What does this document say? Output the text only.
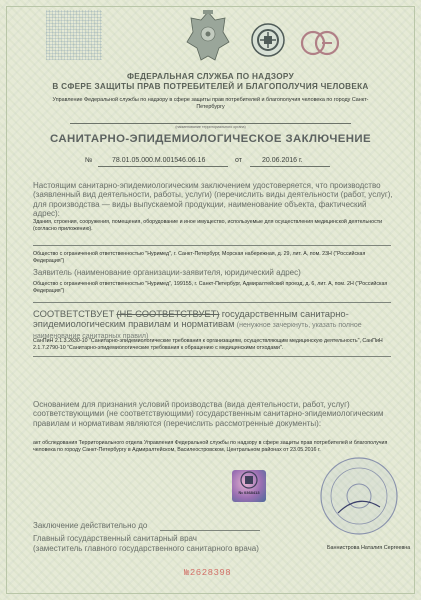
ФЕДЕРАЛЬНАЯ СЛУЖБА ПО НАДЗОРУ
В СФЕРЕ ЗАЩИТЫ ПРАВ ПОТРЕБИТЕЛЕЙ И БЛАГОПОЛУЧИЯ ЧЕЛОВЕКА
Управление Федеральной службы по надзору в сфере защиты прав потребителей и благополучия человека по городу Санкт-Петербургу
(наименование территориального органа)
САНИТАРНО-ЭПИДЕМИОЛОГИЧЕСКОЕ ЗАКЛЮЧЕНИЕ
№	78.01.05.000.М.001546.06.16	от	20.06.2016 г.
Настоящим санитарно-эпидемиологическим заключением удостоверяется, что производство (заявленный вид деятельности, работы, услуги) (перечислить виды деятельности (работ, услуг), для производства — виды выпускаемой продукции, наименование объекта, фактический адрес):
Здания, строения, сооружения, помещения, оборудование и иное имущество, используемые для осуществления медицинской деятельности (согласно приложению).
Общество с ограниченной ответственностью "Нуримед", г. Санкт-Петербург, Морская набережная, д. 29, лит. А, пом. 23Н ("Российская Федерация")
Заявитель (наименование организации-заявителя, юридический адрес)
Общество с ограниченной ответственностью "Нуримед", 199155, г. Санкт-Петербург, Адмиралтейский проезд, д. 6, лит. А, пом. 2Н ("Российская Федерация")
СООТВЕТСТВУЕТ (НЕ СООТВЕТСТВУЕТ) государственным санитарно-эпидемиологическим правилам и нормативам (ненужное зачеркнуть, указать полное наименование санитарных правил)
СанПиН 2.1.3.2630-10 "Санитарно-эпидемиологические требования к организациям, осуществляющим медицинскую деятельность", СанПиН 2.1.7.2790-10 "Санитарно-эпидемиологические требования к обращению с медицинскими отходами".
Основанием для признания условий производства (вида деятельности, работ, услуг) соответствующими (не соответствующими) государственным санитарно-эпидемиологическим правилам и нормативам являются (перечислить рассмотренные документы):
акт обследования Территориального отдела Управления Федеральной службы по надзору в сфере защиты прав потребителей и благополучия человека по городу Санкт-Петербургу в Адмиралтейском, Василеостровском, Центральном районах от 23.05.2016 г.
№ 0368413
Заключение действительно до
Главный государственный санитарный врач
(заместитель главного государственного санитарного врача)	Баннистрова Наталия Сергеевна
№2628398
